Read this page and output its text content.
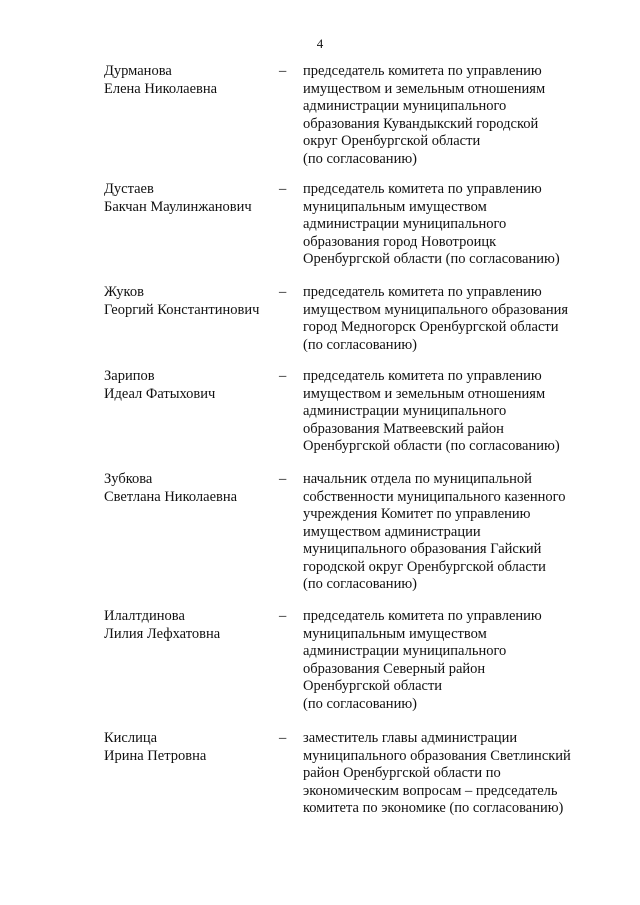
4
Дурманова
Елена Николаевна
– председатель комитета по управлению
имуществом и земельным отношениям
администрации муниципального
образования Кувандыкский городской
округ Оренбургской области
(по согласованию)
Дустаев
Бакчан Маулинжанович
– председатель комитета по управлению
муниципальным имуществом
администрации муниципального
образования город Новотроицк
Оренбургской области (по согласованию)
Жуков
Георгий Константинович
– председатель комитета по управлению
имуществом муниципального образования
город Медногорск Оренбургской области
(по согласованию)
Зарипов
Идеал Фатыхович
– председатель комитета по управлению
имуществом и земельным отношениям
администрации муниципального
образования Матвеевский район
Оренбургской области (по согласованию)
Зубкова
Светлана Николаевна
– начальник отдела по муниципальной
собственности муниципального казенного
учреждения Комитет по управлению
имуществом администрации
муниципального образования Гайский
городской округ Оренбургской области
(по согласованию)
Илалтдинова
Лилия Лефхатовна
– председатель комитета по управлению
муниципальным имуществом
администрации муниципального
образования Северный район
Оренбургской области
(по согласованию)
Кислица
Ирина Петровна
– заместитель главы администрации
муниципального образования Светлинский
район Оренбургской области по
экономическим вопросам – председатель
комитета по экономике (по согласованию)
